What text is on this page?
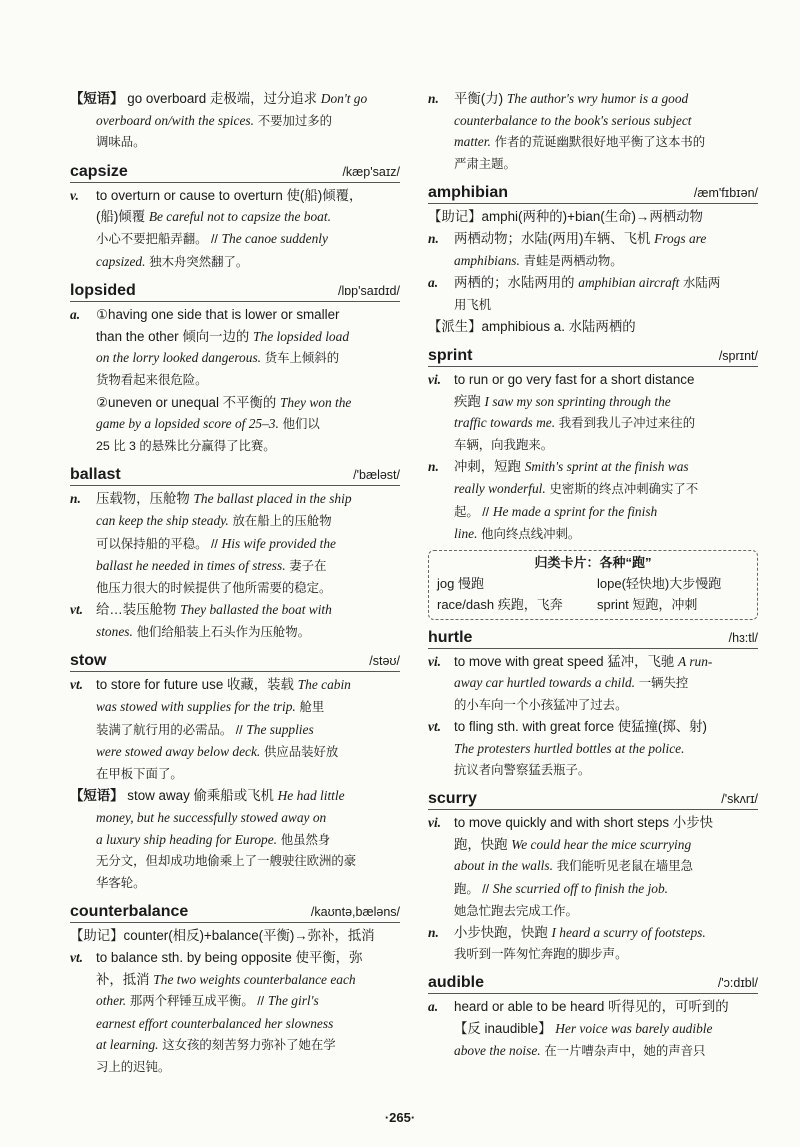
【短语】 go overboard 走极端，过分追求 Don't go

overboard on/with the spices. 不要加过多的

调味品。

capsize	/kæp'saɪz/

v. to overturn or cause to overturn 使(船)倾覆，

(船)倾覆 Be careful not to capsize the boat.

小心不要把船弄翻。 // The canoe suddenly

capsized. 独木舟突然翻了。

lopsided	/lɒp'saɪdɪd/

a. ①having one side that is lower or smaller

than the other 倾向一边的 The lopsided load

on the lorry looked dangerous. 货车上倾斜的

货物看起来很危险。

②uneven or unequal 不平衡的 They won the

game by a lopsided score of 25–3. 他们以

25 比 3 的悬殊比分赢得了比赛。

ballast	/'bæləst/

n. 压载物，压舱物 The ballast placed in the ship

can keep the ship steady. 放在船上的压舱物

可以保持船的平稳。 // His wife provided the

ballast he needed in times of stress. 妻子在

他压力很大的时候提供了他所需要的稳定。

vt. 给…装压舱物 They ballasted the boat with

stones. 他们给船装上石头作为压舱物。

stow	/stəʊ/

vt. to store for future use 收藏，装载 The cabin

was stowed with supplies for the trip. 舱里

装满了航行用的必需品。 // The supplies

were stowed away below deck. 供应品装好放

在甲板下面了。

【短语】 stow away 偷乘船或飞机 He had little

money, but he successfully stowed away on

a luxury ship heading for Europe. 他虽然身

无分文，但却成功地偷乘上了一艘驶往欧洲的豪

华客轮。

counterbalance	/kaʊntə,bæləns/

【助记】counter(相反)+balance(平衡)→弥补，抵消

vt. to balance sth. by being opposite 使平衡，弥

补，抵消 The two weights counterbalance each

other. 那两个秤锤互成平衡。 // The girl's

earnest effort counterbalanced her slowness

at learning. 这女孩的刻苦努力弥补了她在学

习上的迟钝。

n. 平衡(力) The author's wry humor is a good

counterbalance to the book's serious subject

matter. 作者的荒诞幽默很好地平衡了这本书的

严肃主题。

amphibian	/æm'fɪbɪən/

【助记】amphi(两种的)+bian(生命)→两栖动物

n. 两栖动物；水陆(两用)车辆、飞机 Frogs are

amphibians. 青蛙是两栖动物。

a. 两栖的；水陆两用的 amphibian aircraft 水陆两

用飞机

【派生】amphibious a. 水陆两栖的

sprint	/sprɪnt/

vi. to run or go very fast for a short distance

疾跑 I saw my son sprinting through the

traffic towards me. 我看到我儿子冲过来往的

车辆，向我跑来。

n. 冲刺，短跑 Smith's sprint at the finish was

really wonderful. 史密斯的终点冲刺确实了不

起。 // He made a sprint for the finish

line. 他向终点线冲刺。

归类卡片：各种“跑”
jog 慢跑	lope(轻快地)大步慢跑
race/dash 疾跑，飞奔	sprint 短跑，冲刺
hurtle	/hɜ:tl/

vi. to move with great speed 猛冲，飞驰 A run-

away car hurtled towards a child. 一辆失控

的小车向一个小孩猛冲了过去。

vt. to fling sth. with great force 使猛撞(掷、射)

The protesters hurtled bottles at the police.

抗议者向警察猛丢瓶子。

scurry	/'skʌrɪ/

vi. to move quickly and with short steps 小步快

跑，快跑 We could hear the mice scurrying

about in the walls. 我们能听见老鼠在墙里急

跑。 // She scurried off to finish the job.

她急忙跑去完成工作。

n. 小步快跑，快跑 I heard a scurry of footsteps.

我听到一阵匆忙奔跑的脚步声。

audible	/'ɔ:dɪbl/

a. heard or able to be heard 听得见的，可听到的

【反 inaudible】 Her voice was barely audible

above the noise. 在一片嘈杂声中，她的声音只

·265·
